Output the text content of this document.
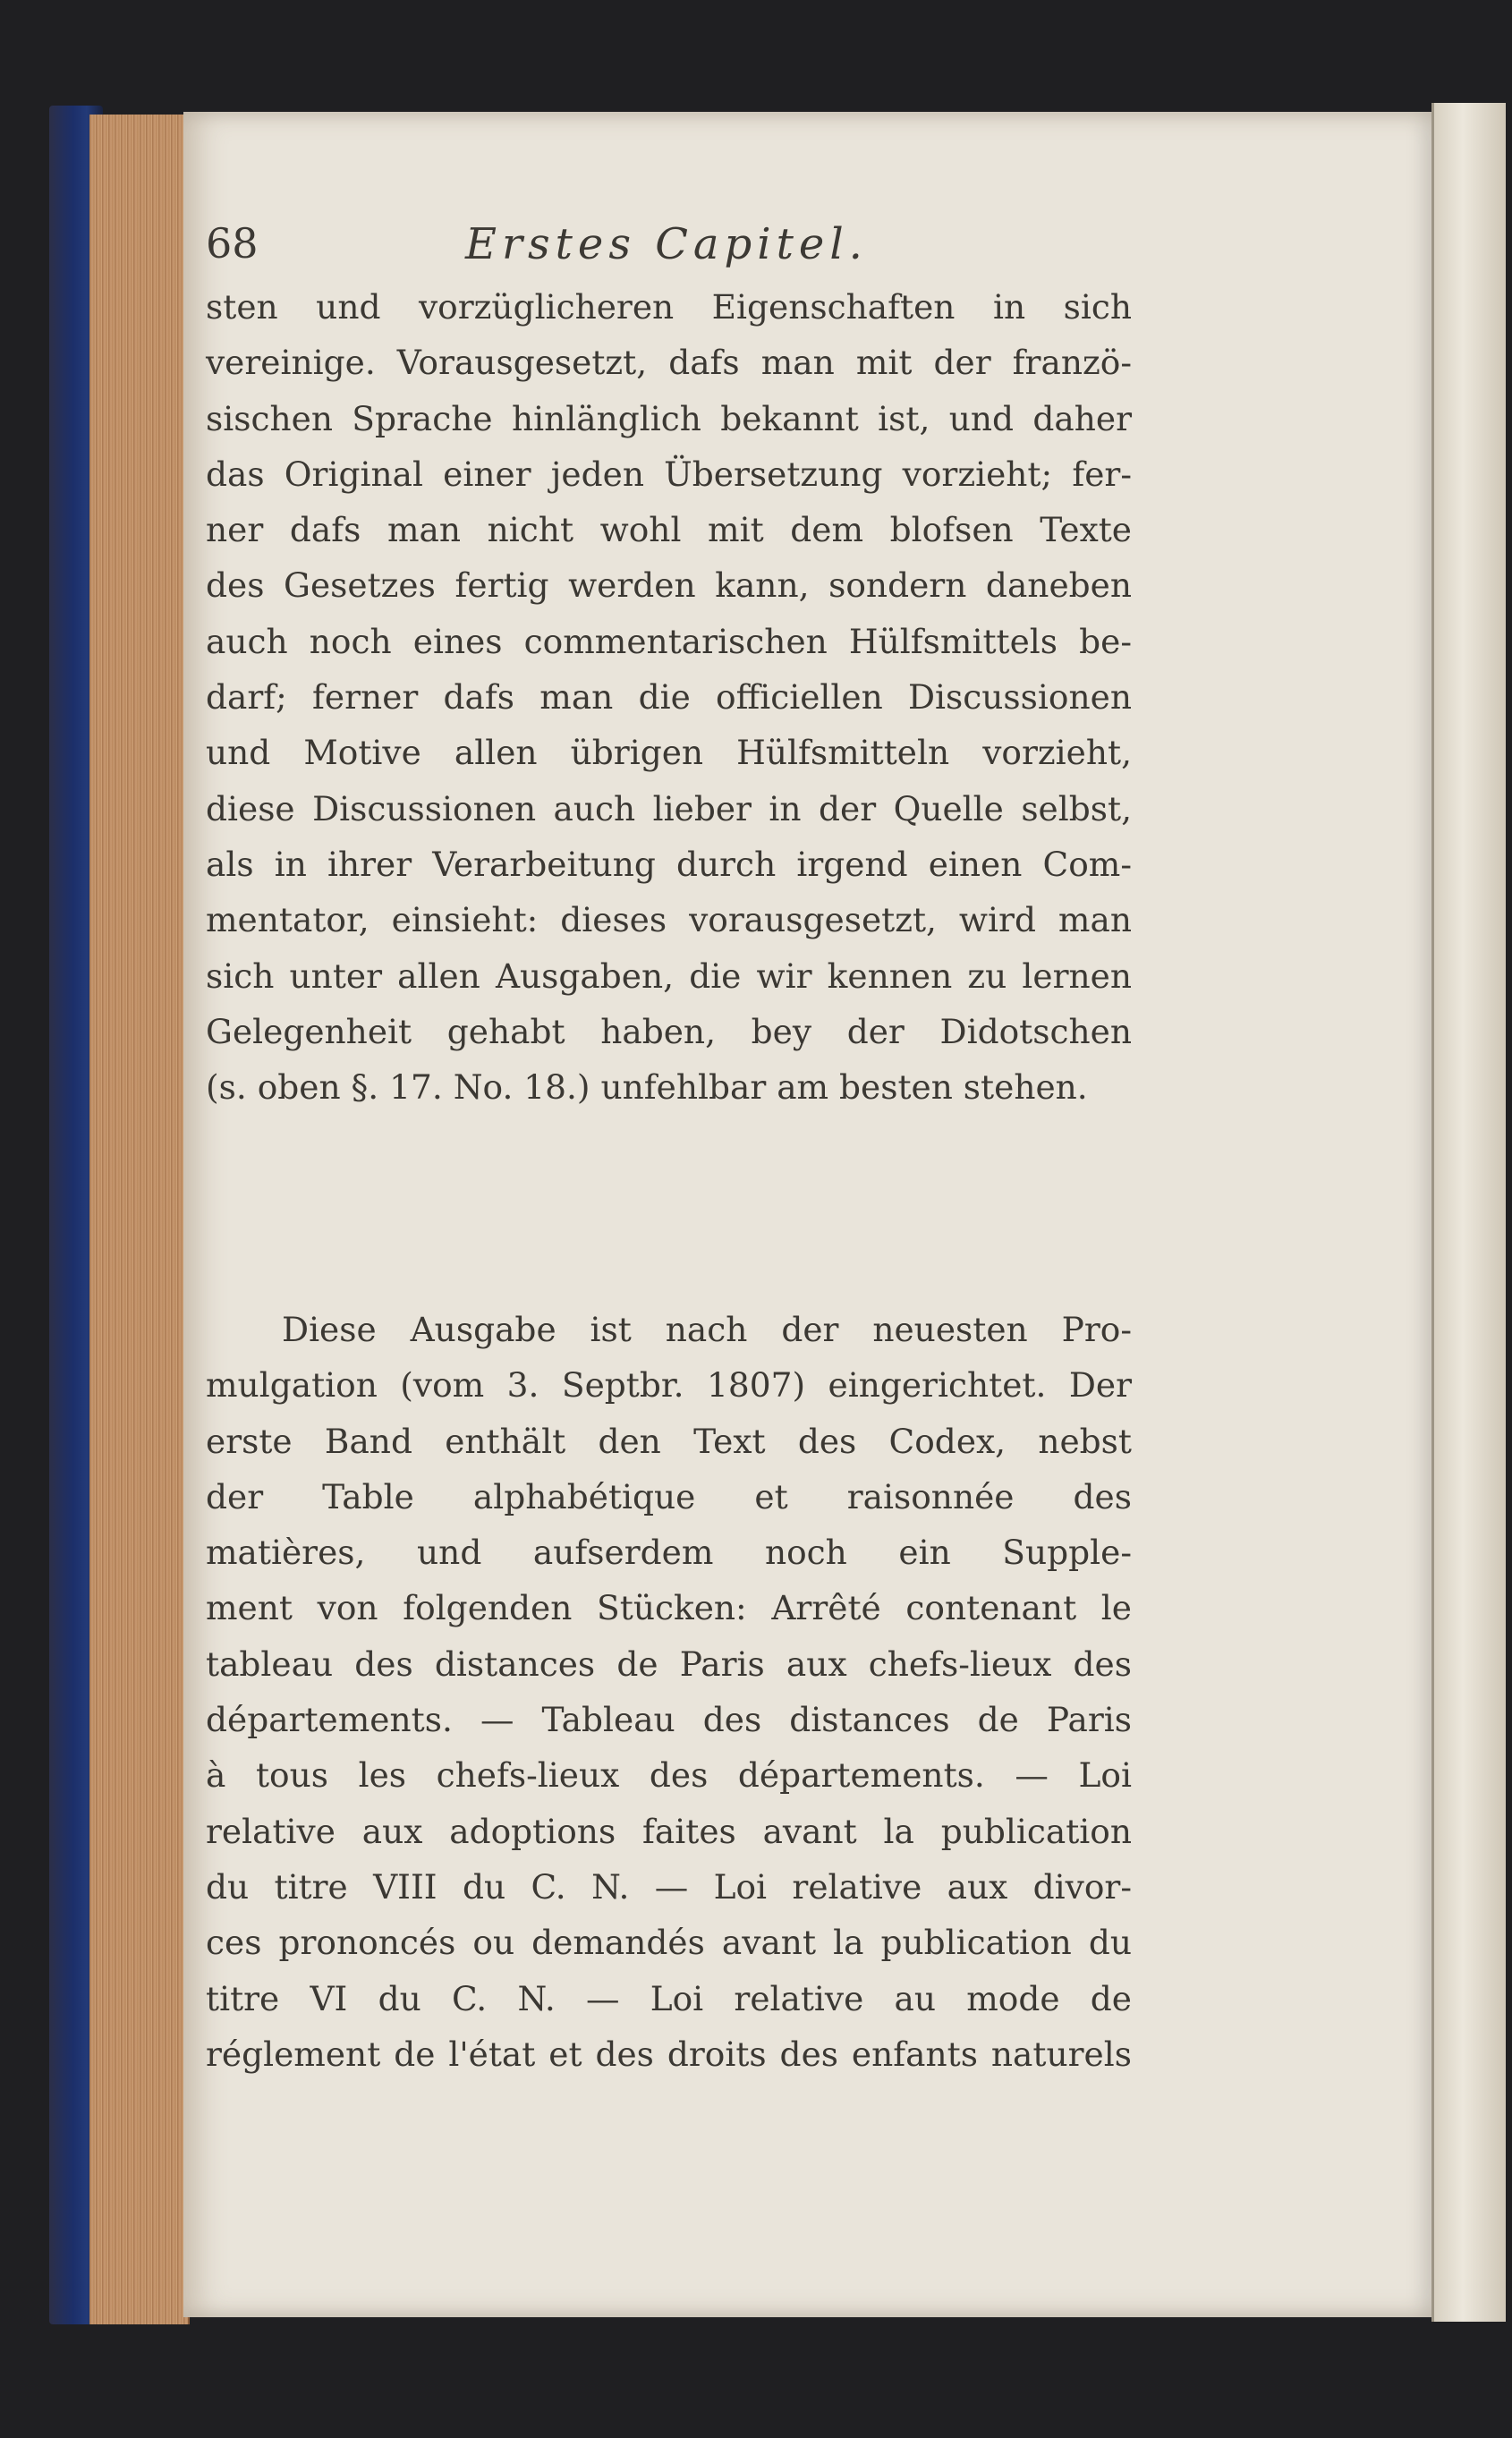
68	Erstes Capitel.
sten und vorzüglicheren Eigenschaften in sich
vereinige. Vorausgesetzt, dafs man mit der franzö-
sischen Sprache hinlänglich bekannt ist, und daher
das Original einer jeden Übersetzung vorzieht; fer-
ner dafs man nicht wohl mit dem blofsen Texte
des Gesetzes fertig werden kann, sondern daneben
auch noch eines commentarischen Hülfsmittels be-
darf; ferner dafs man die officiellen Discussionen
und Motive allen übrigen Hülfsmitteln vorzieht,
diese Discussionen auch lieber in der Quelle selbst,
als in ihrer Verarbeitung durch irgend einen Com-
mentator, einsieht: dieses vorausgesetzt, wird man
sich unter allen Ausgaben, die wir kennen zu lernen
Gelegenheit gehabt haben, bey der Didotschen
(s. oben §. 17. No. 18.) unfehlbar am besten stehen.
Diese Ausgabe ist nach der neuesten Pro-
mulgation (vom 3. Septbr. 1807) eingerichtet. Der
erste Band enthält den Text des Codex, nebst
der Table alphabétique et raisonnée des
matières, und aufserdem noch ein Supple-
ment von folgenden Stücken: Arrêté contenant le
tableau des distances de Paris aux chefs-lieux des
départements. — Tableau des distances de Paris
à tous les chefs-lieux des départements. — Loi
relative aux adoptions faites avant la publication
du titre VIII du C. N. — Loi relative aux divor-
ces prononcés ou demandés avant la publication du
titre VI du C. N. — Loi relative au mode de
réglement de l'état et des droits des enfants naturels
